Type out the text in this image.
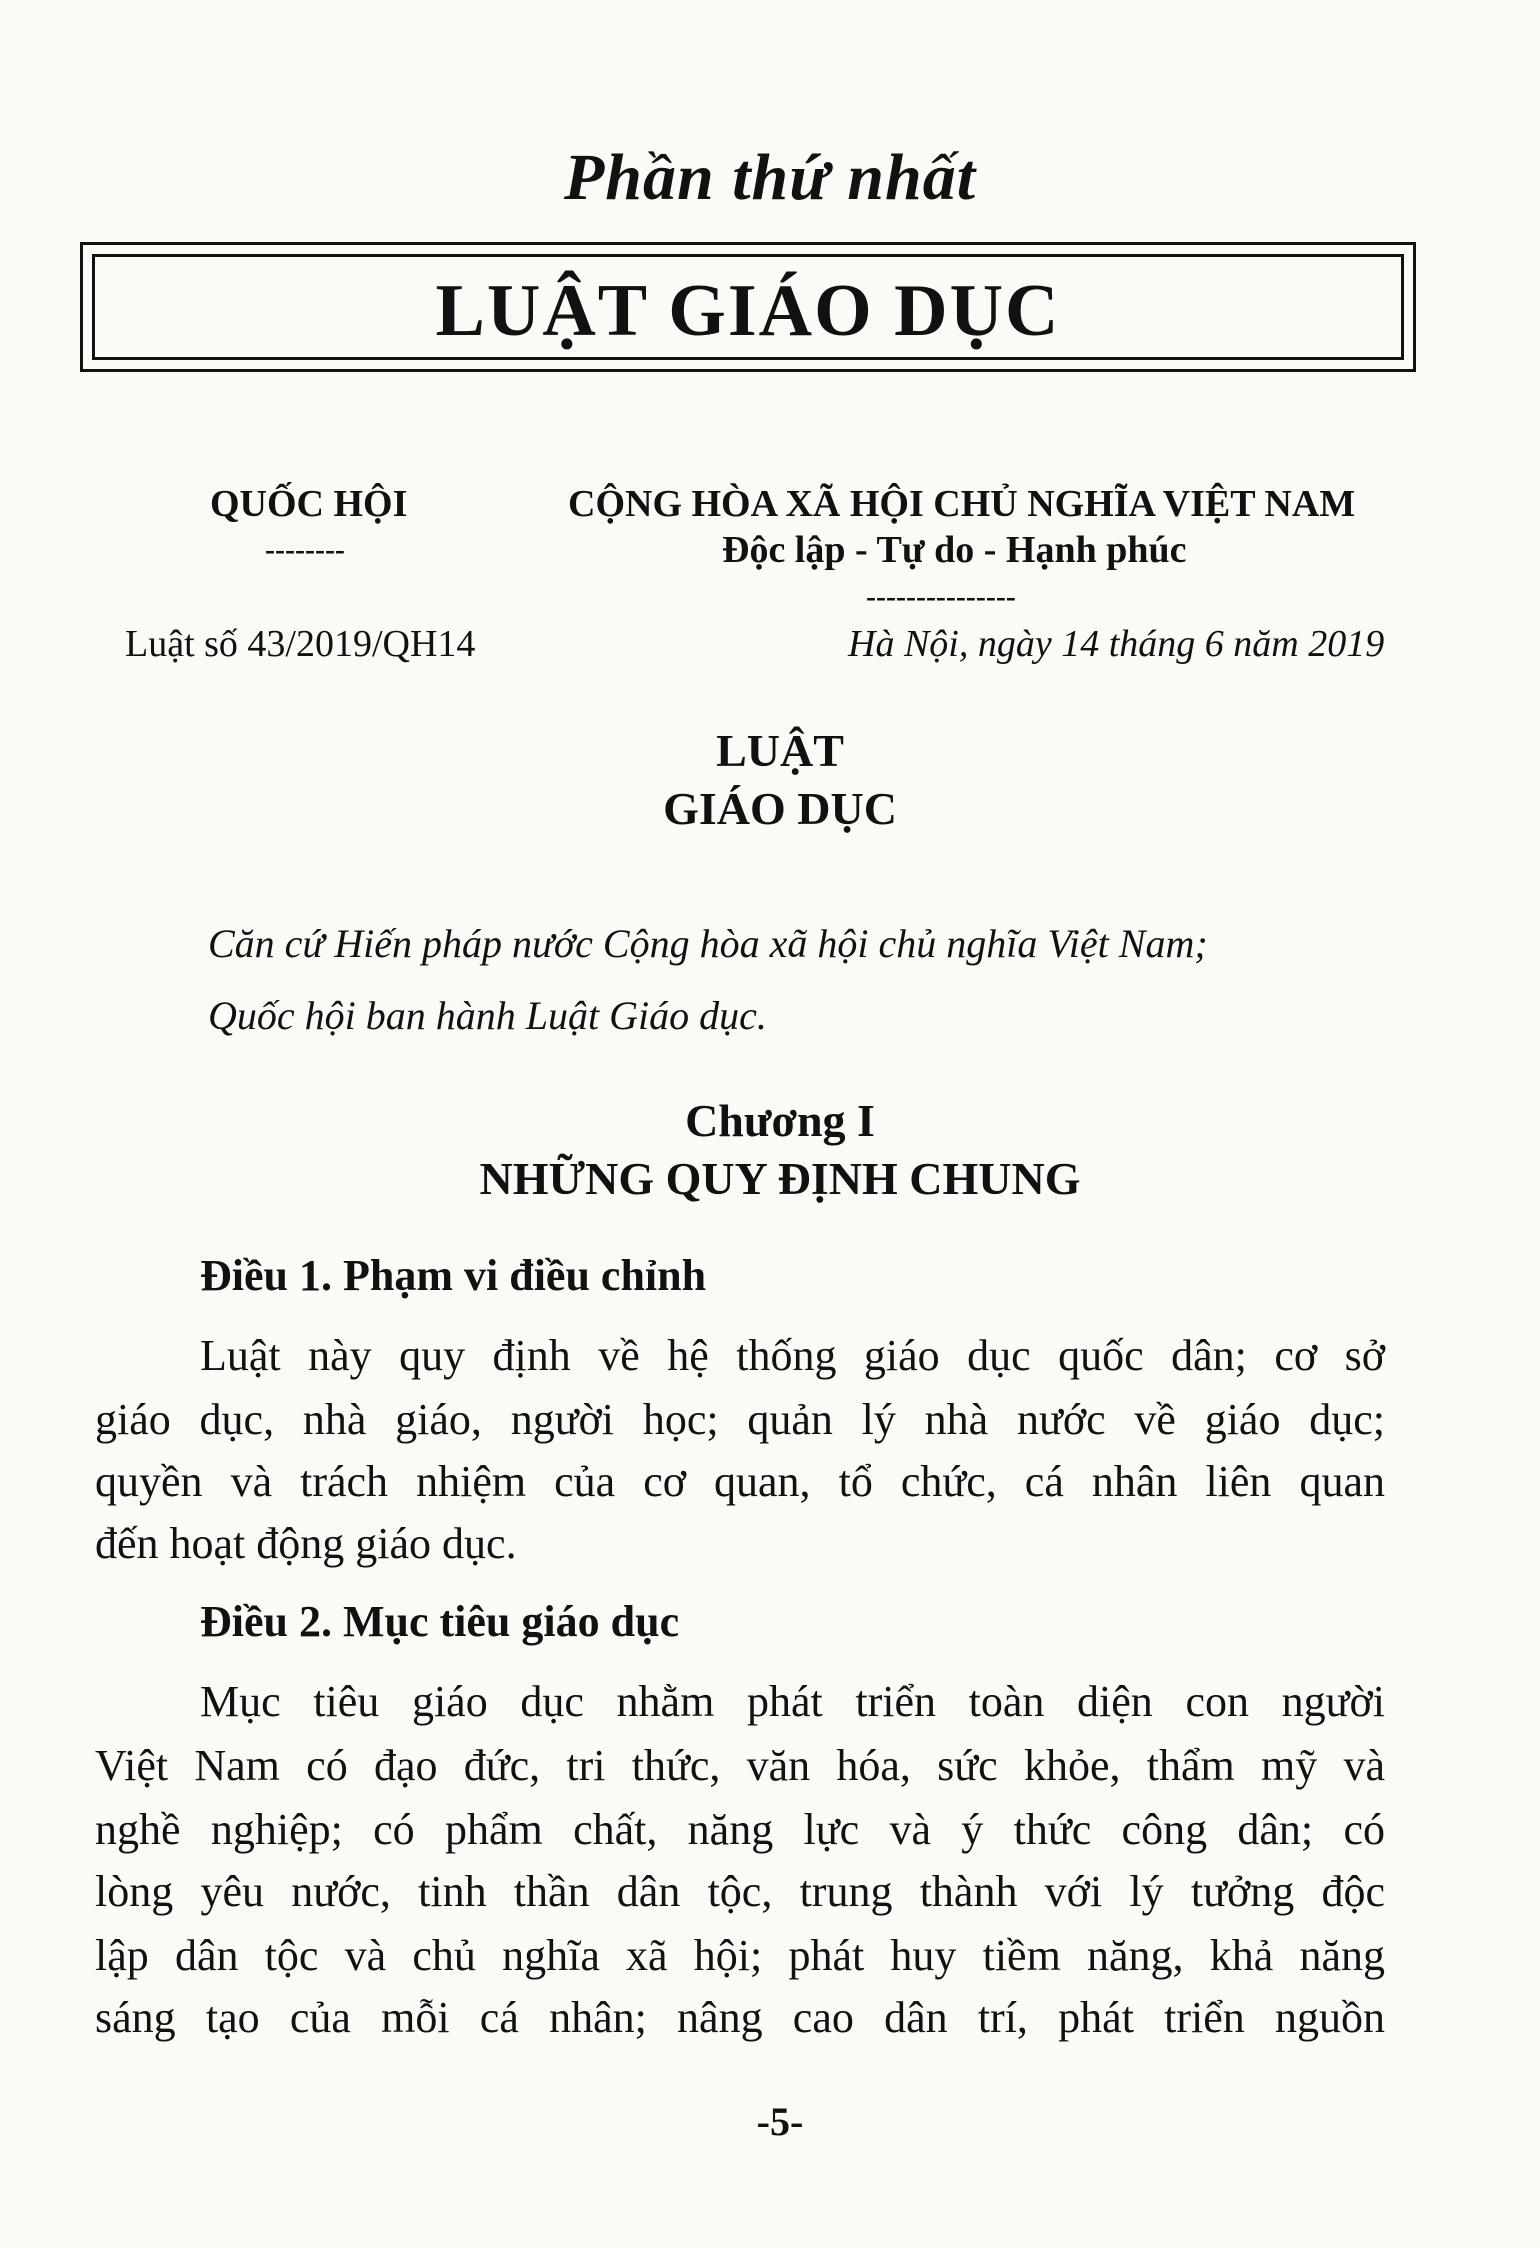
Phần thứ nhất
LUẬT GIÁO DỤC
QUỐC HỘI
--------
CỘNG HÒA XÃ HỘI CHỦ NGHĨA VIỆT NAM
Độc lập - Tự do - Hạnh phúc
---------------
Luật số 43/2019/QH14	Hà Nội, ngày 14 tháng 6 năm 2019
LUẬT
GIÁO DỤC
Căn cứ Hiến pháp nước Cộng hòa xã hội chủ nghĩa Việt Nam;
Quốc hội ban hành Luật Giáo dục.
Chương I
NHỮNG QUY ĐỊNH CHUNG
Điều 1. Phạm vi điều chỉnh
Luật này quy định về hệ thống giáo dục quốc dân; cơ sở
giáo dục, nhà giáo, người học; quản lý nhà nước về giáo dục;
quyền và trách nhiệm của cơ quan, tổ chức, cá nhân liên quan
đến hoạt động giáo dục.
Điều 2. Mục tiêu giáo dục
Mục tiêu giáo dục nhằm phát triển toàn diện con người
Việt Nam có đạo đức, tri thức, văn hóa, sức khỏe, thẩm mỹ và
nghề nghiệp; có phẩm chất, năng lực và ý thức công dân; có
lòng yêu nước, tinh thần dân tộc, trung thành với lý tưởng độc
lập dân tộc và chủ nghĩa xã hội; phát huy tiềm năng, khả năng
sáng tạo của mỗi cá nhân; nâng cao dân trí, phát triển nguồn
-5-
